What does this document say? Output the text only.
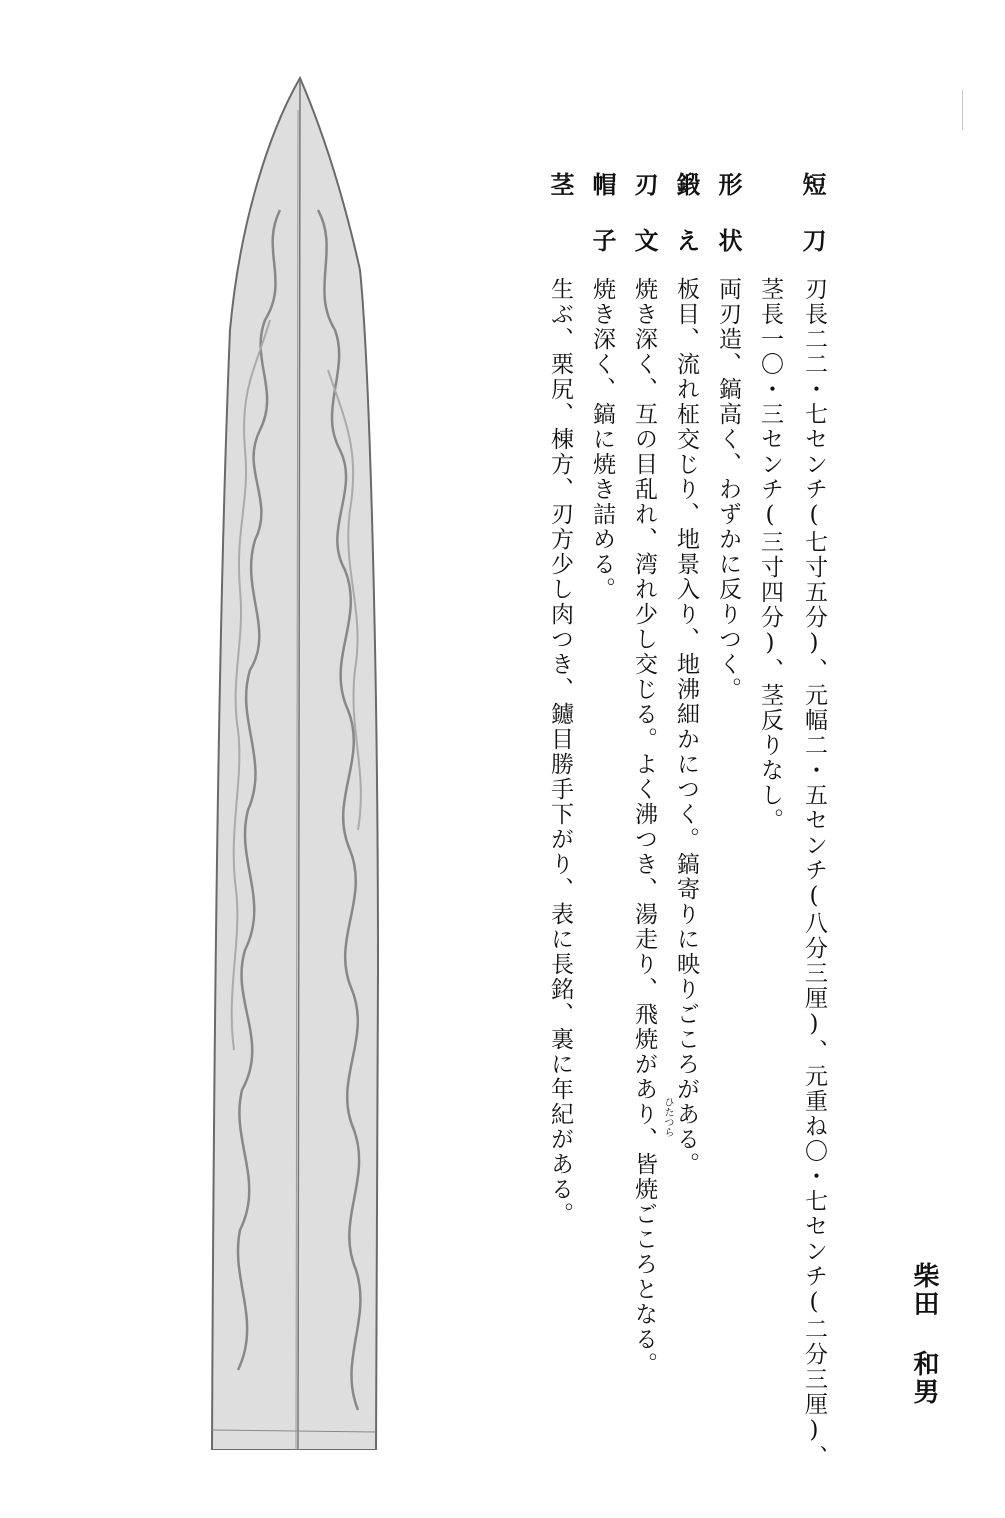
短刀
刃長二二・七センチ(七寸五分)、元幅二・五センチ(八分三厘)、元重ね〇・七センチ(二分三厘)、
茎長一〇・三センチ(三寸四分)、茎反りなし。
形状
鍛え
刃文
帽子
茎
両刃造、鎬高く、わずかに反りつく。
板目、流れ柾交じり、地景入り、地沸細かにつく。鎬寄りに映りごころがある。
焼き深く、互の目乱れ、湾れ少し交じる。よく沸つき、湯走り、飛焼があり、皆焼ごころとなる。 ひたつら
焼き深く、鎬に焼き詰める。
生ぶ、栗尻、棟方、刃方少し肉つき、鑢目勝手下がり、表に長銘、裏に年紀がある。
柴田
和男
